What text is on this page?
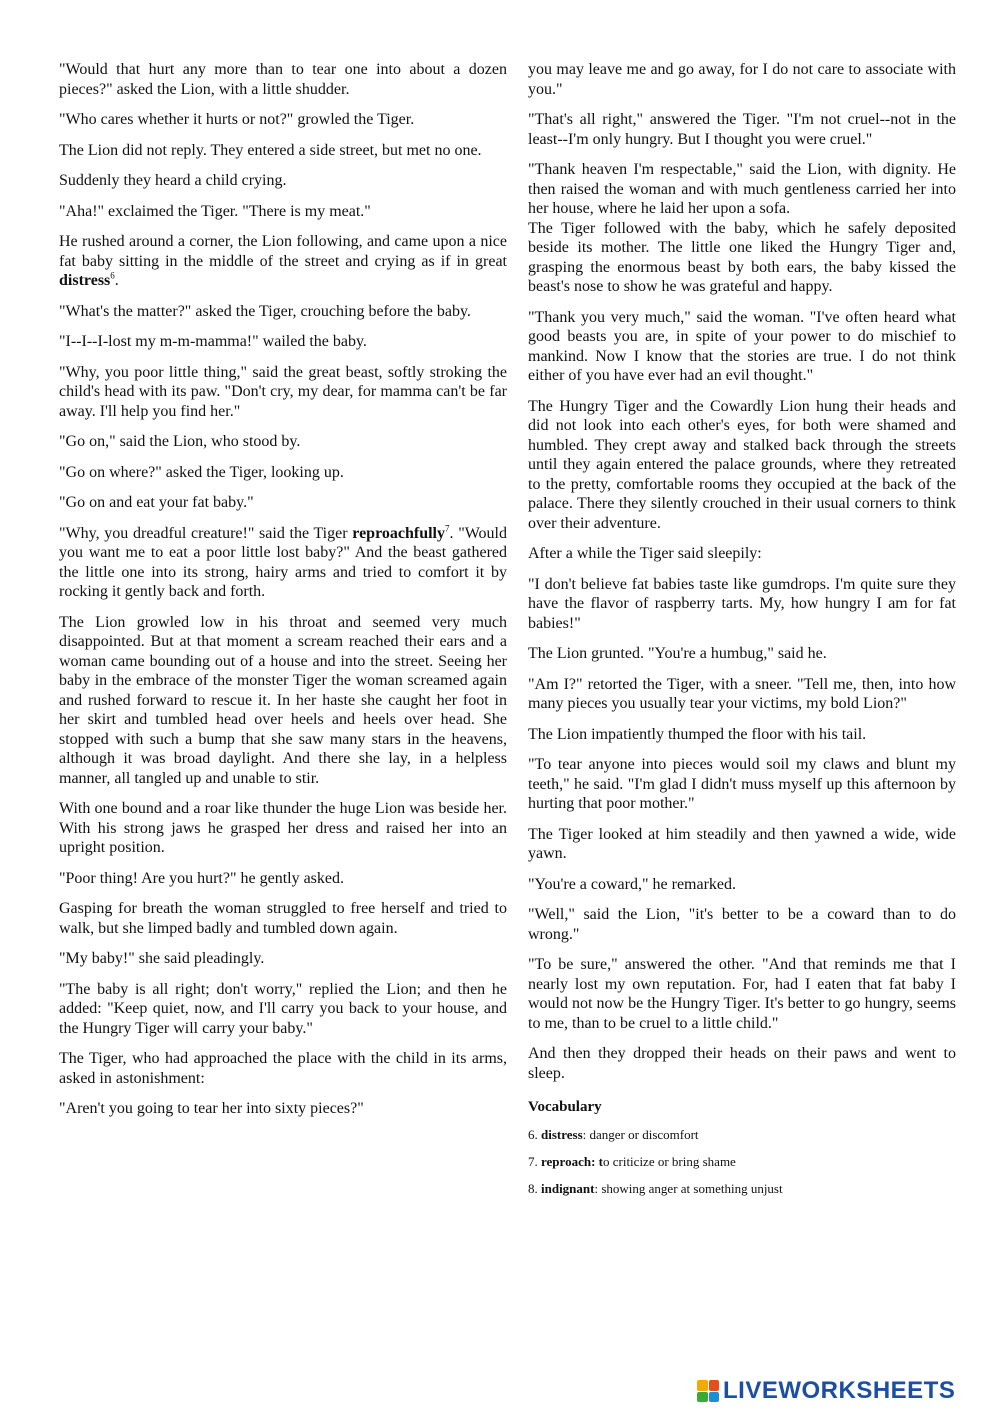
"Would that hurt any more than to tear one into about a dozen pieces?" asked the Lion, with a little shudder.

"Who cares whether it hurts or not?" growled the Tiger.

The Lion did not reply. They entered a side street, but met no one.

Suddenly they heard a child crying.

"Aha!" exclaimed the Tiger. "There is my meat."

He rushed around a corner, the Lion following, and came upon a nice fat baby sitting in the middle of the street and crying as if in great distress$^6$.

"What's the matter?" asked the Tiger, crouching before the baby.

"I--I--I-lost my m-m-mamma!" wailed the baby.

"Why, you poor little thing," said the great beast, softly stroking the child's head with its paw. "Don't cry, my dear, for mamma can't be far away. I'll help you find her."

"Go on," said the Lion, who stood by.

"Go on where?" asked the Tiger, looking up.

"Go on and eat your fat baby."

"Why, you dreadful creature!" said the Tiger reproachfully$^7$. "Would you want me to eat a poor little lost baby?" And the beast gathered the little one into its strong, hairy arms and tried to comfort it by rocking it gently back and forth.

The Lion growled low in his throat and seemed very much disappointed. But at that moment a scream reached their ears and a woman came bounding out of a house and into the street. Seeing her baby in the embrace of the monster Tiger the woman screamed again and rushed forward to rescue it. In her haste she caught her foot in her skirt and tumbled head over heels and heels over head. She stopped with such a bump that she saw many stars in the heavens, although it was broad daylight. And there she lay, in a helpless manner, all tangled up and unable to stir.

With one bound and a roar like thunder the huge Lion was beside her. With his strong jaws he grasped her dress and raised her into an upright position.

"Poor thing! Are you hurt?" he gently asked.

Gasping for breath the woman struggled to free herself and tried to walk, but she limped badly and tumbled down again.

"My baby!" she said pleadingly.

"The baby is all right; don't worry," replied the Lion; and then he added: "Keep quiet, now, and I'll carry you back to your house, and the Hungry Tiger will carry your baby."

The Tiger, who had approached the place with the child in its arms, asked in astonishment:

"Aren't you going to tear her into sixty pieces?"

you may leave me and go away, for I do not care to associate with you."

"That's all right," answered the Tiger. "I'm not cruel--not in the least--I'm only hungry. But I thought you were cruel."

"Thank heaven I'm respectable," said the Lion, with dignity. He then raised the woman and with much gentleness carried her into her house, where he laid her upon a sofa.

The Tiger followed with the baby, which he safely deposited beside its mother. The little one liked the Hungry Tiger and, grasping the enormous beast by both ears, the baby kissed the beast's nose to show he was grateful and happy.

"Thank you very much," said the woman. "I've often heard what good beasts you are, in spite of your power to do mischief to mankind. Now I know that the stories are true. I do not think either of you have ever had an evil thought."

The Hungry Tiger and the Cowardly Lion hung their heads and did not look into each other's eyes, for both were shamed and humbled. They crept away and stalked back through the streets until they again entered the palace grounds, where they retreated to the pretty, comfortable rooms they occupied at the back of the palace. There they silently crouched in their usual corners to think over their adventure.

After a while the Tiger said sleepily:

"I don't believe fat babies taste like gumdrops. I'm quite sure they have the flavor of raspberry tarts. My, how hungry I am for fat babies!"

The Lion grunted. "You're a humbug," said he.

"Am I?" retorted the Tiger, with a sneer. "Tell me, then, into how many pieces you usually tear your victims, my bold Lion?"

The Lion impatiently thumped the floor with his tail.

"To tear anyone into pieces would soil my claws and blunt my teeth," he said. "I'm glad I didn't muss myself up this afternoon by hurting that poor mother."

The Tiger looked at him steadily and then yawned a wide, wide yawn.

"You're a coward," he remarked.

"Well," said the Lion, "it's better to be a coward than to do wrong."

"To be sure," answered the other. "And that reminds me that I nearly lost my own reputation. For, had I eaten that fat baby I would not now be the Hungry Tiger. It's better to go hungry, seems to me, than to be cruel to a little child."

And then they dropped their heads on their paws and went to sleep.

Vocabulary

6. distress: danger or discomfort

7. reproach: to criticize or bring shame

8. indignant: showing anger at something unjust

LIVEWORKSHEETS
